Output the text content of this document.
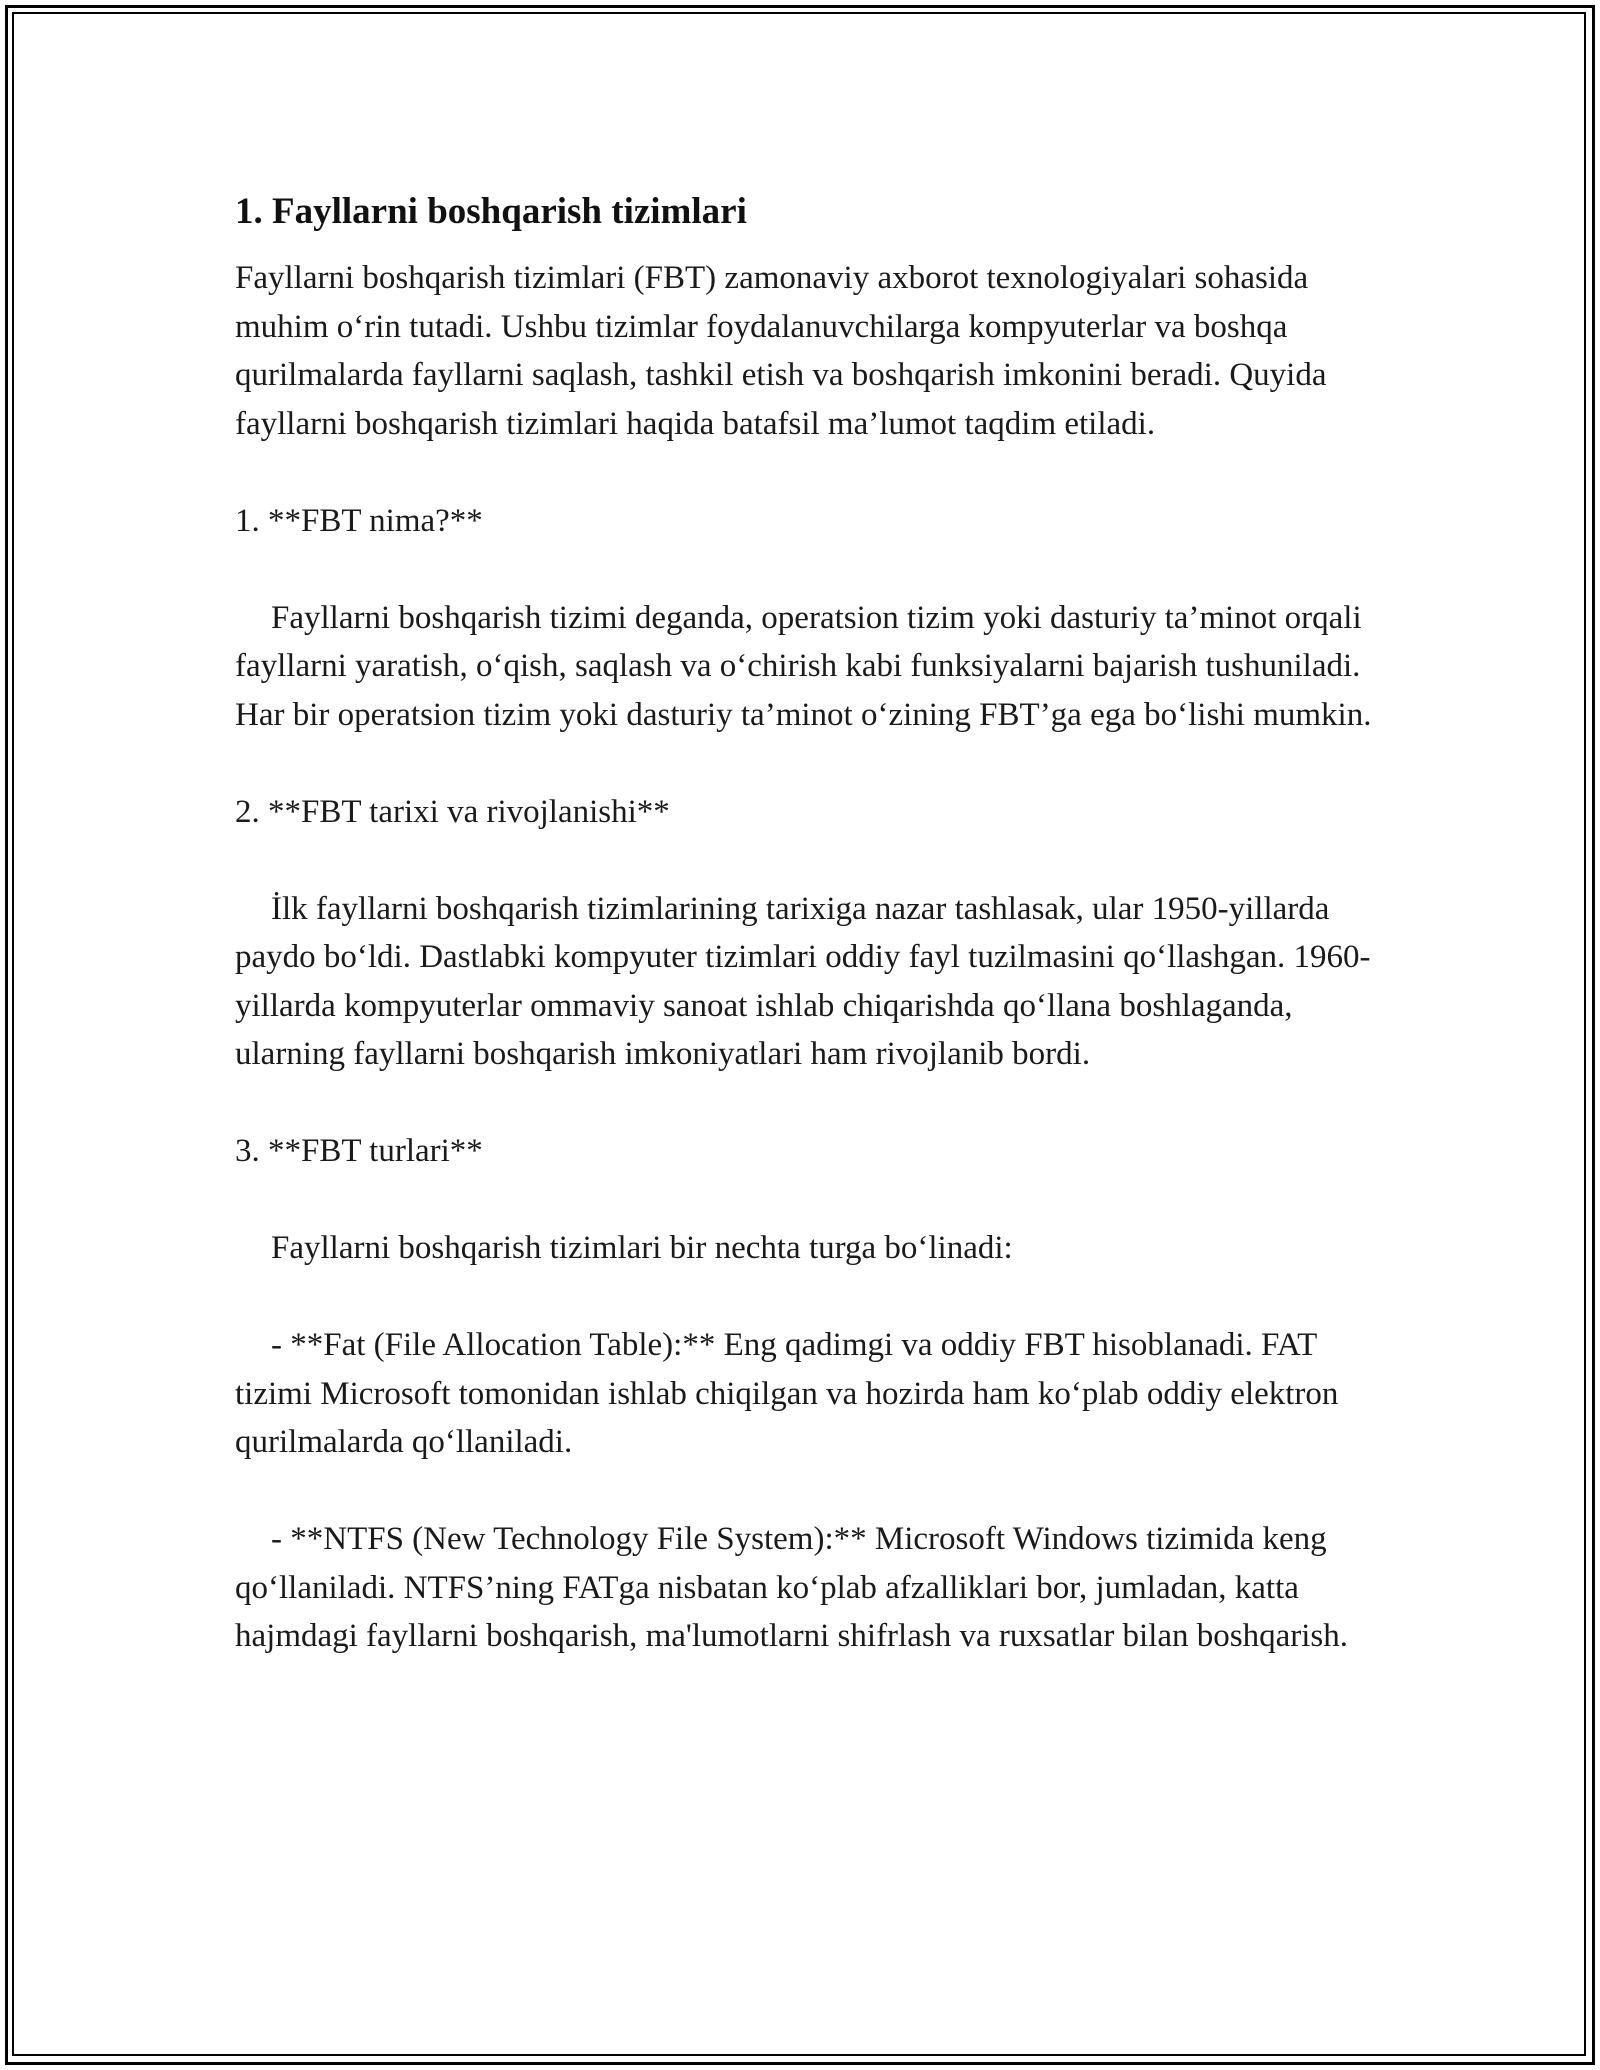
1. Fayllarni boshqarish tizimlari

Fayllarni boshqarish tizimlari (FBT) zamonaviy axborot texnologiyalari sohasida muhim o‘rin tutadi. Ushbu tizimlar foydalanuvchilarga kompyuterlar va boshqa qurilmalarda fayllarni saqlash, tashkil etish va boshqarish imkonini beradi. Quyida fayllarni boshqarish tizimlari haqida batafsil ma’lumot taqdim etiladi.

1. **FBT nima?**

Fayllarni boshqarish tizimi deganda, operatsion tizim yoki dasturiy ta’minot orqali fayllarni yaratish, o‘qish, saqlash va o‘chirish kabi funksiyalarni bajarish tushuniladi. Har bir operatsion tizim yoki dasturiy ta’minot o‘zining FBT’ga ega bo‘lishi mumkin.

2. **FBT tarixi va rivojlanishi**

İlk fayllarni boshqarish tizimlarining tarixiga nazar tashlasak, ular 1950-yillarda paydo bo‘ldi. Dastlabki kompyuter tizimlari oddiy fayl tuzilmasini qo‘llashgan. 1960-yillarda kompyuterlar ommaviy sanoat ishlab chiqarishda qo‘llana boshlaganda, ularning fayllarni boshqarish imkoniyatlari ham rivojlanib bordi.

3. **FBT turlari**

Fayllarni boshqarish tizimlari bir nechta turga bo‘linadi:

- **Fat (File Allocation Table):** Eng qadimgi va oddiy FBT hisoblanadi. FAT tizimi Microsoft tomonidan ishlab chiqilgan va hozirda ham ko‘plab oddiy elektron qurilmalarda qo‘llaniladi.

- **NTFS (New Technology File System):** Microsoft Windows tizimida keng qo‘llaniladi. NTFS’ning FATga nisbatan ko‘plab afzalliklari bor, jumladan, katta hajmdagi fayllarni boshqarish, ma'lumotlarni shifrlash va ruxsatlar bilan boshqarish.
